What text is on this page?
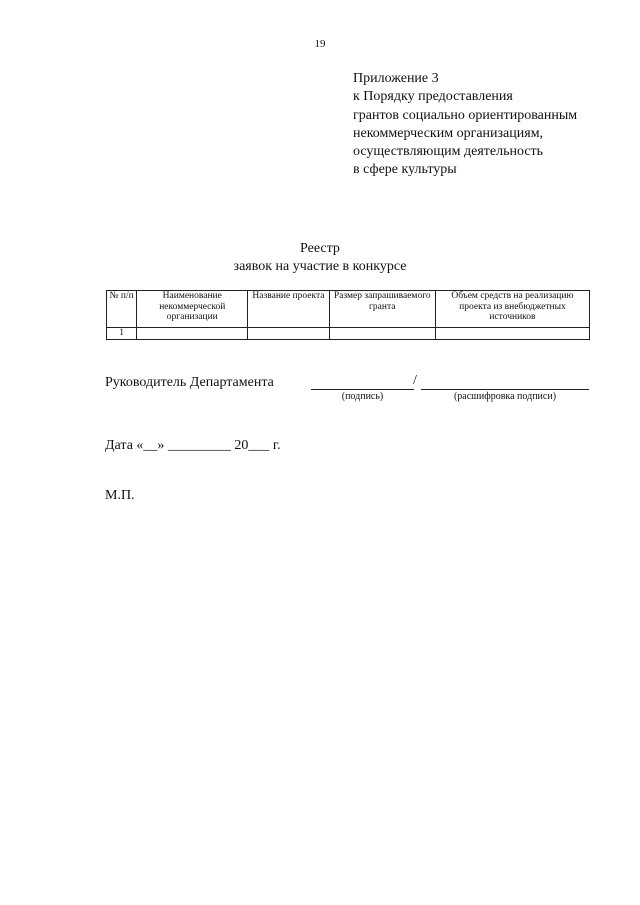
19
Приложение 3
к Порядку предоставления
грантов социально ориентированным
некоммерческим организациям,
осуществляющим деятельность
в сфере культуры
Реестр
заявок на участие в конкурсе
№ п/п	Наименование некоммерческой организации	Название проекта	Размер запрашиваемого гранта	Объем средств на реализацию проекта из внебюджетных источников
1				
Руководитель Департамента	/
(подпись)	(расшифровка подписи)
Дата «__» _________ 20___ г.
М.П.
